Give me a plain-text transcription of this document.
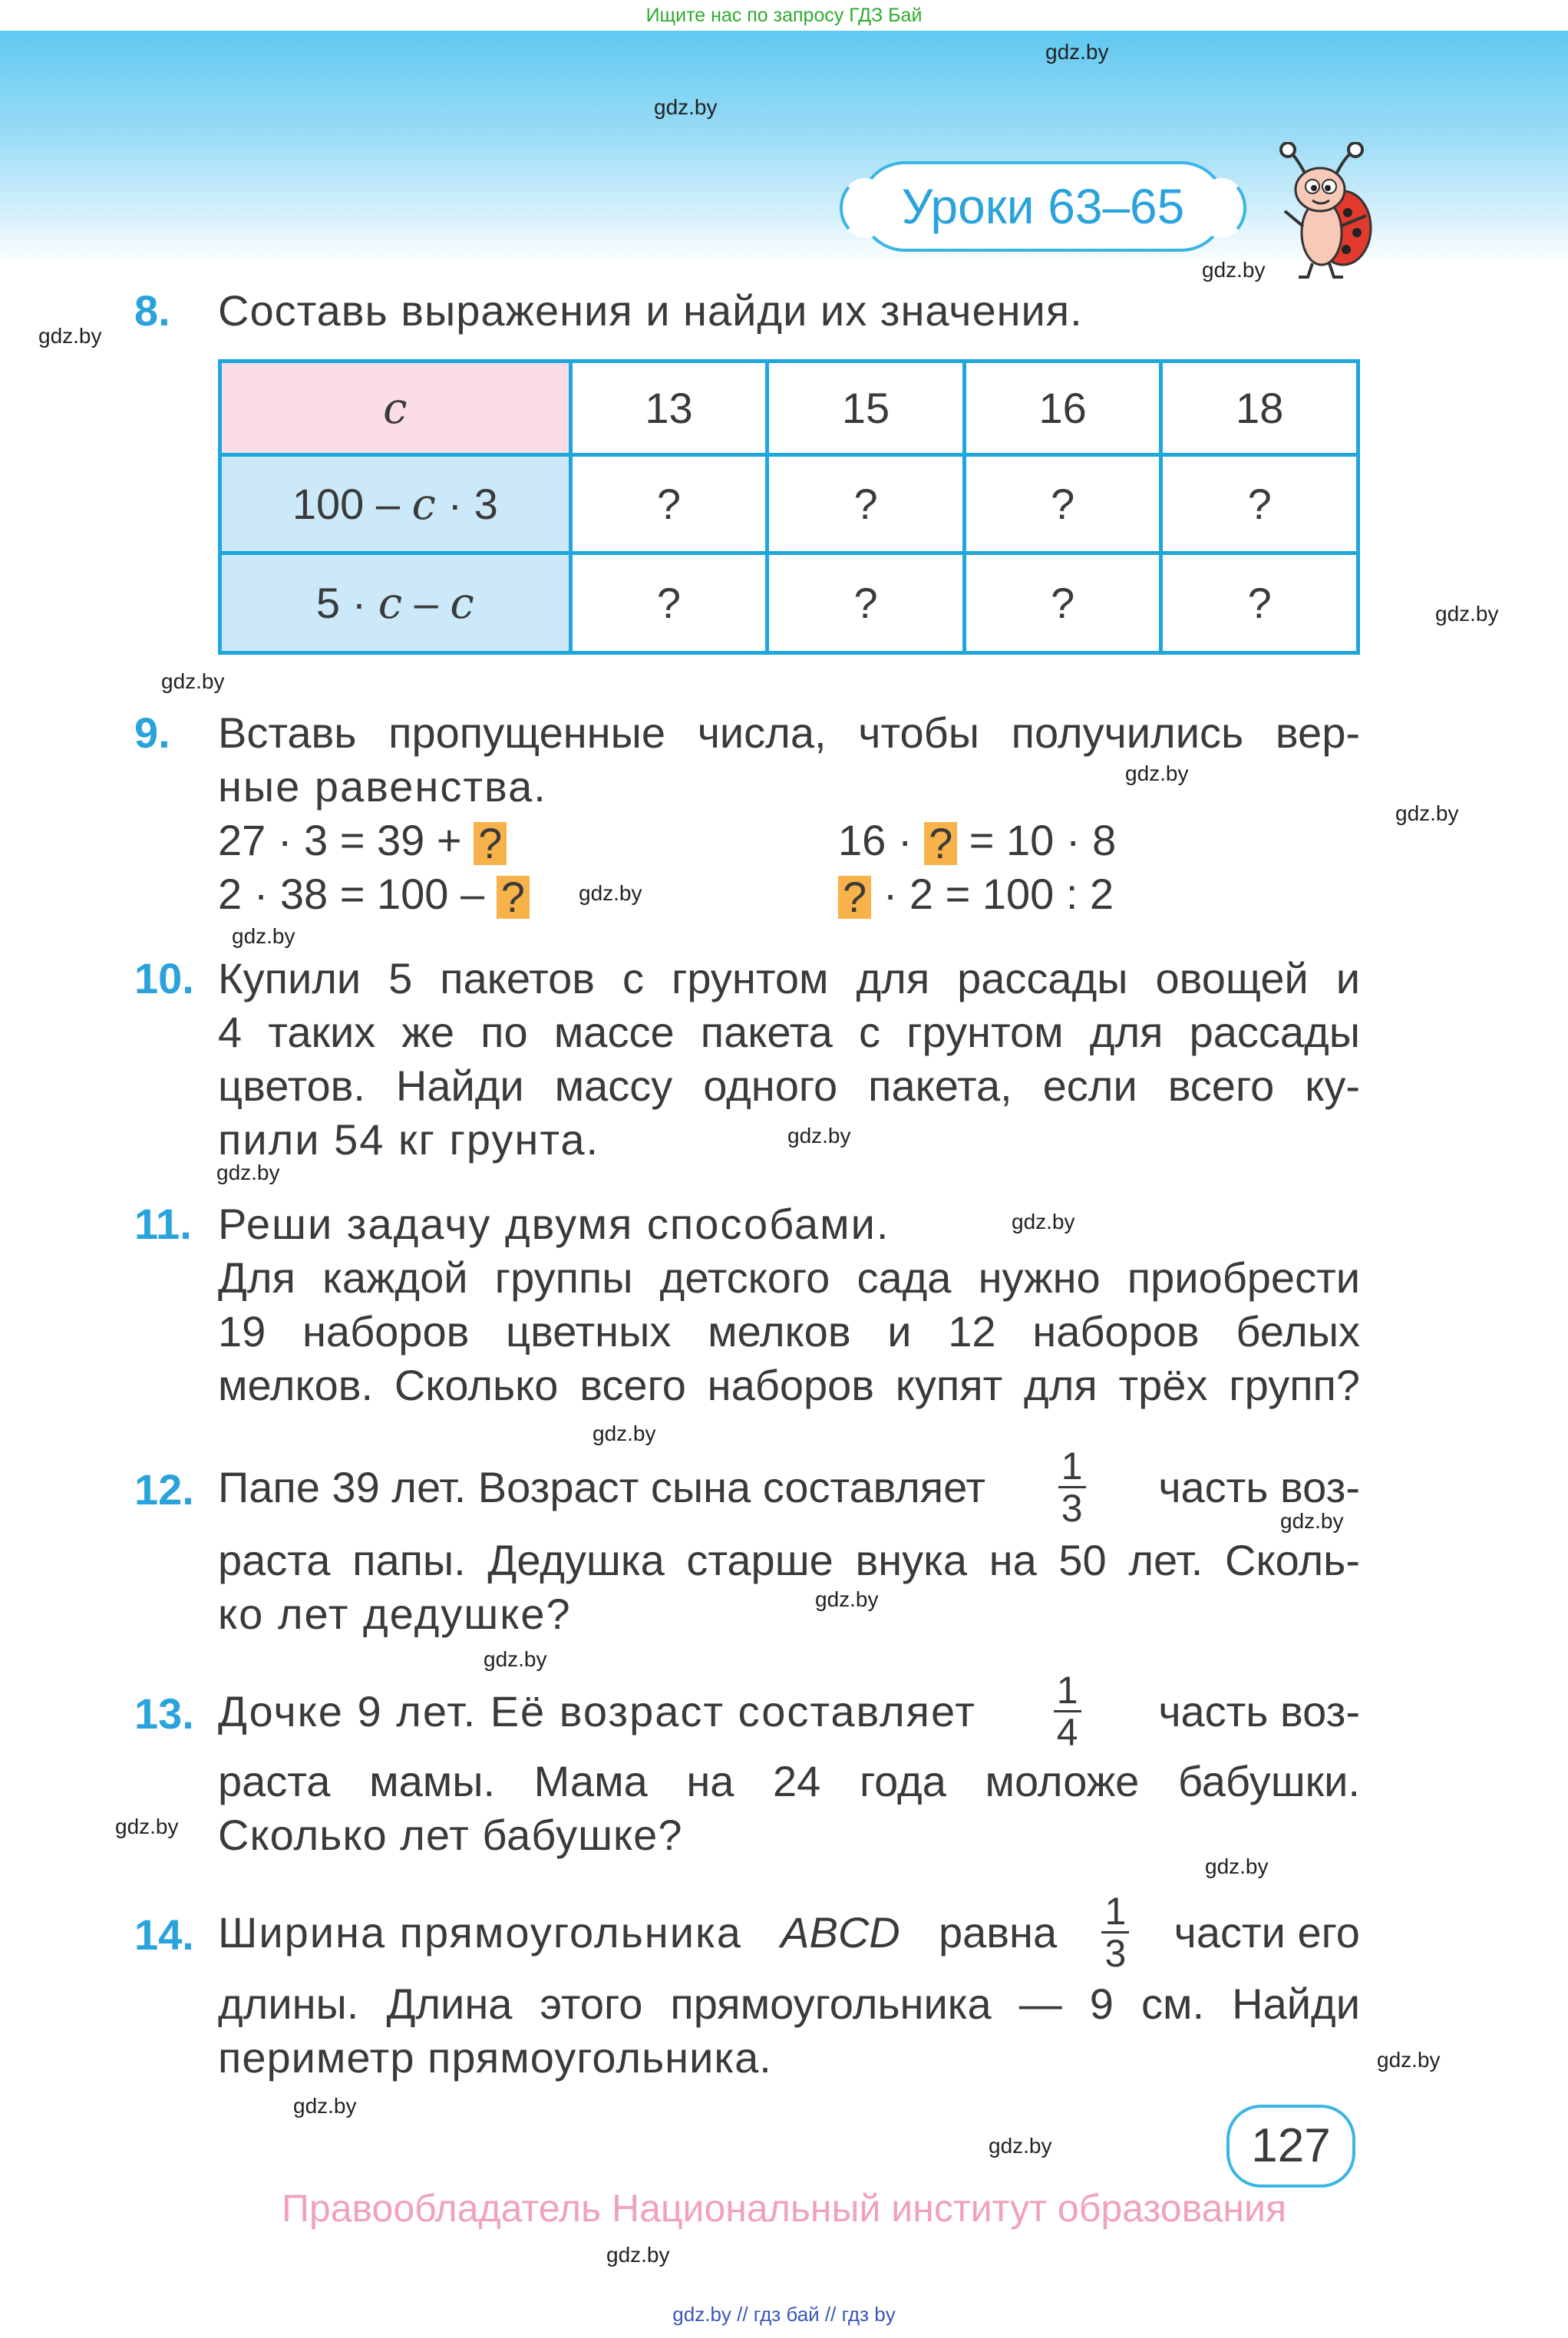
Ищите нас по запросу ГДЗ Бай
gdz.by
gdz.by
gdz.by
gdz.by
gdz.by
gdz.by
gdz.by
gdz.by
gdz.by
gdz.by
gdz.by
gdz.by
gdz.by
gdz.by
gdz.by
gdz.by
gdz.by
gdz.by
gdz.by
gdz.by
gdz.by
gdz.by
gdz.by
Уроки 63–65
8. Составь выражения и найди их значения.
c	13	15	16	18
100 – c · 3	?	?	?	?
5 · c – c	?	?	?	?
9. Вставь пропущенные числа, чтобы получились вер-
ные равенства.
27 · 3 = 39 + ?	16 · ? = 10 · 8
2 · 38 = 100 – ?	? · 2 = 100 : 2
10. Купили 5 пакетов с грунтом для рассады овощей и
4 таких же по массе пакета с грунтом для рассады
цветов. Найди массу одного пакета, если всего ку-
пили 54 кг грунта.
11. Реши задачу двумя способами.
Для каждой группы детского сада нужно приобрести
19 наборов цветных мелков и 12 наборов белых
мелков. Сколько всего наборов купят для трёх групп?
12. Папе 39 лет. Возраст сына составляет $\frac{1}{3}$ часть воз-
раста папы. Дедушка старше внука на 50 лет. Сколь-
ко лет дедушке?
13. Дочке 9 лет. Её возраст составляет $\frac{1}{4}$ часть воз-
раста мамы. Мама на 24 года моложе бабушки.
Сколько лет бабушке?
14. Ширина прямоугольника ABCD равна $\frac{1}{3}$ части его
длины. Длина этого прямоугольника — 9 см. Найди
периметр прямоугольника.
127
Правообладатель Национальный институт образования
gdz.by // гдз бай // гдз by
